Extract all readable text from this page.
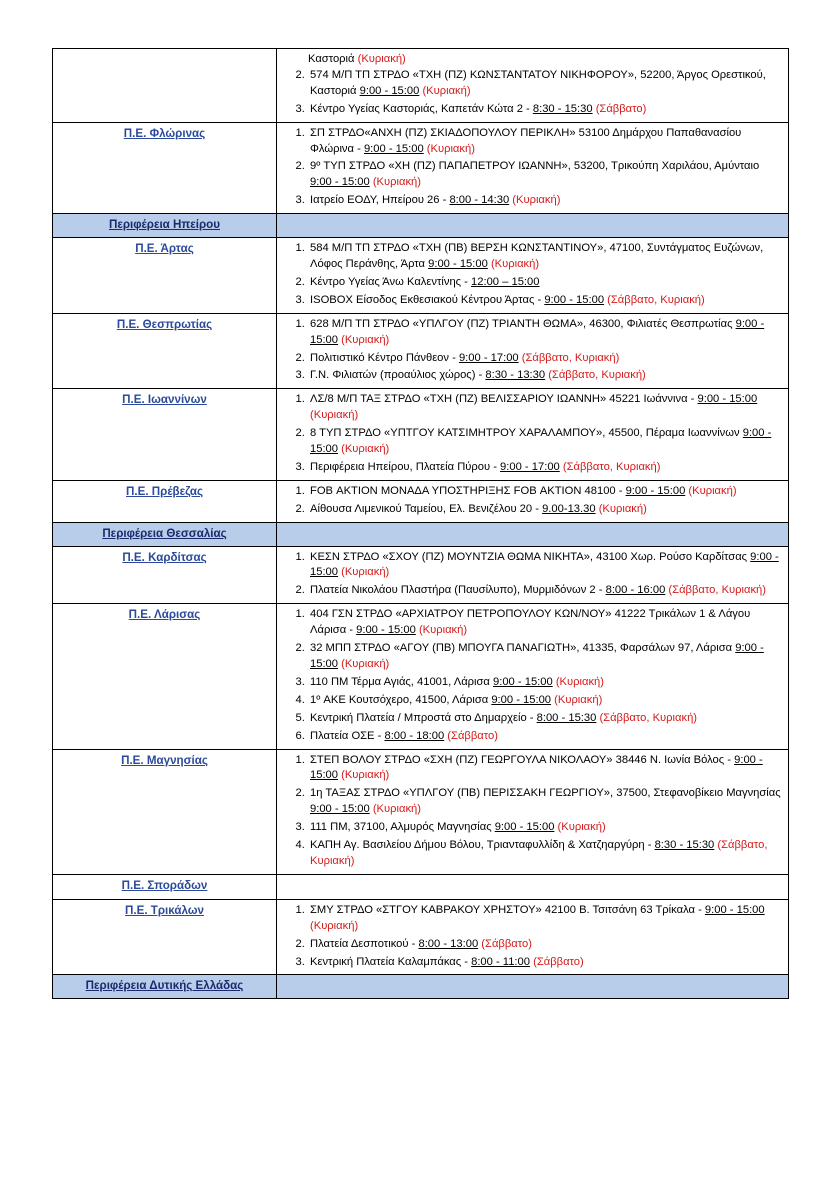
Καστοριά (Κυριακή)
2. 574 Μ/Π ΤΠ ΣΤΡΔΟ «ΤΧΗ (ΠΖ) ΚΩΝΣΤΑΝΤΑΤΟΥ ΝΙΚΗΦΟΡΟΥ», 52200, Άργος Ορεστικού, Καστοριά 9:00 - 15:00 (Κυριακή)
3. Κέντρο Υγείας Καστοριάς, Καπετάν Κώτα 2 - 8:30 - 15:30 (Σάββατο)

Π.Ε. Φλώρινας	
1.ΣΠ ΣΤΡΔΟ«ΑΝΧΗ (ΠΖ) ΣΚΙΑΔΟΠΟΥΛΟΥ ΠΕΡΙΚΛΗ» 53100 Δημάρχου Παπαθανασίου Φλώρινα - 9:00 - 15:00 (Κυριακή)
2. 9º ΤΥΠ ΣΤΡΔΟ «ΧΗ (ΠΖ) ΠΑΠΑΠΕΤΡΟΥ ΙΩΑΝΝΗ», 53200, Τρικούπη Χαριλάου, Αμύνταιο 9:00 - 15:00 (Κυριακή)
3. Ιατρείο ΕΟΔΥ, Ηπείρου 26 - 8:00 - 14:30 (Κυριακή)

Περιφέρεια Ηπείρου	
Π.Ε. Άρτας	
1.584 Μ/Π ΤΠ ΣΤΡΔΟ «ΤΧΗ (ΠΒ) ΒΕΡΣΗ ΚΩΝΣΤΑΝΤΙΝΟΥ», 47100, Συντάγματος Ευζώνων, Λόφος Περάνθης, Άρτα 9:00 - 15:00 (Κυριακή)
2. Κέντρο Υγείας Άνω Καλεντίνης - 12:00 – 15:00
3. ISOBOX Είσοδος Εκθεσιακού Κέντρου Άρτας - 9:00 - 15:00 (Σάββατο, Κυριακή)

Π.Ε. Θεσπρωτίας	
1.628 Μ/Π ΤΠ ΣΤΡΔΟ «ΥΠΛΓΟΥ (ΠΖ) ΤΡΙΑΝΤΗ ΘΩΜΑ», 46300, Φιλιατές Θεσπρωτίας 9:00 - 15:00 (Κυριακή)
2. Πολιτιστικό Κέντρο Πάνθεον - 9:00 - 17:00 (Σάββατο, Κυριακή)
3. Γ.Ν. Φιλιατών (προαύλιος χώρος) - 8:30 - 13:30 (Σάββατο, Κυριακή)

Π.Ε. Ιωαννίνων	
1.ΛΣ/8 Μ/Π ΤΑΞ ΣΤΡΔΟ «ΤΧΗ (ΠΖ) ΒΕΛΙΣΣΑΡΙΟΥ ΙΩΑΝΝΗ» 45221 Ιωάννινα - 9:00 - 15:00 (Κυριακή)
2. 8 ΤΥΠ ΣΤΡΔΟ «ΥΠΤΓΟΥ ΚΑΤΣΙΜΗΤΡΟΥ ΧΑΡΑΛΑΜΠΟΥ», 45500, Πέραμα Ιωαννίνων 9:00 - 15:00 (Κυριακή)
3. Περιφέρεια Ηπείρου, Πλατεία Πύρου - 9:00 - 17:00 (Σάββατο, Κυριακή)

Π.Ε. Πρέβεζας	
1.FOB ΑΚΤΙΟΝ ΜΟΝΑΔΑ ΥΠΟΣΤΗΡΙΞΗΣ FOB ΑΚΤΙΟΝ 48100 - 9:00 - 15:00 (Κυριακή)
2. Αίθουσα Λιμενικού Ταμείου, Ελ. Βενιζέλου 20 - 9.00-13.30 (Κυριακή)

Περιφέρεια Θεσσαλίας	
Π.Ε. Καρδίτσας	
1.ΚΕΣΝ ΣΤΡΔΟ «ΣΧΟΥ (ΠΖ) ΜΟΥΝΤΖΙΑ ΘΩΜΑ ΝΙΚΗΤΑ», 43100 Χωρ. Ρούσο Καρδίτσας 9:00 - 15:00 (Κυριακή)
2. Πλατεία Νικολάου Πλαστήρα (Παυσίλυπο), Μυρμιδόνων 2 - 8:00 - 16:00 (Σάββατο, Κυριακή)

Π.Ε. Λάρισας	
1.404 ΓΣΝ ΣΤΡΔΟ «ΑΡΧΙΑΤΡΟΥ ΠΕΤΡΟΠΟΥΛΟΥ ΚΩΝ/ΝΟΥ» 41222 Τρικάλων 1 & Λάγου Λάρισα - 9:00 - 15:00 (Κυριακή)
2. 32 ΜΠΠ ΣΤΡΔΟ «ΑΓΟΥ (ΠΒ) ΜΠΟΥΓΑ ΠΑΝΑΓΙΩΤΗ», 41335, Φαρσάλων 97, Λάρισα 9:00 - 15:00 (Κυριακή)
3. 110 ΠΜ Τέρμα Αγιάς, 41001, Λάρισα 9:00 - 15:00 (Κυριακή)
4. 1º ΑΚΕ Κουτσόχερο, 41500, Λάρισα 9:00 - 15:00 (Κυριακή)
5. Κεντρική Πλατεία / Μπροστά στο Δημαρχείο - 8:00 - 15:30 (Σάββατο, Κυριακή)
6. Πλατεία ΟΣΕ - 8:00 - 18:00 (Σάββατο)

Π.Ε. Μαγνησίας	
1.ΣΤΕΠ ΒΟΛΟΥ ΣΤΡΔΟ «ΣΧΗ (ΠΖ) ΓΕΩΡΓΟΥΛΑ ΝΙΚΟΛΑΟΥ» 38446 Ν. Ιωνία Βόλος - 9:00 - 15:00 (Κυριακή)
2. 1η ΤΑΞΑΣ ΣΤΡΔΟ «ΥΠΛΓΟΥ (ΠΒ) ΠΕΡΙΣΣΑΚΗ ΓΕΩΡΓΙΟΥ», 37500, Στεφανοβίκειο Μαγνησίας 9:00 - 15:00 (Κυριακή)
3. 111 ΠΜ, 37100, Αλμυρός Μαγνησίας 9:00 - 15:00 (Κυριακή)
4. ΚΑΠΗ Αγ. Βασιλείου Δήμου Βόλου, Τριανταφυλλίδη & Χατζηαργύρη - 8:30 - 15:30 (Σάββατο, Κυριακή)

Π.Ε. Σποράδων	
Π.Ε. Τρικάλων	
1.ΣΜΥ ΣΤΡΔΟ «ΣΤΓΟΥ ΚΑΒΡΑΚΟΥ ΧΡΗΣΤΟΥ» 42100 Β. Τσιτσάνη 63 Τρίκαλα - 9:00 - 15:00 (Κυριακή)
2. Πλατεία Δεσποτικού - 8:00 - 13:00 (Σάββατο)
3. Κεντρική Πλατεία Καλαμπάκας - 8:00 - 11:00 (Σάββατο)

Περιφέρεια Δυτικής Ελλάδας	
